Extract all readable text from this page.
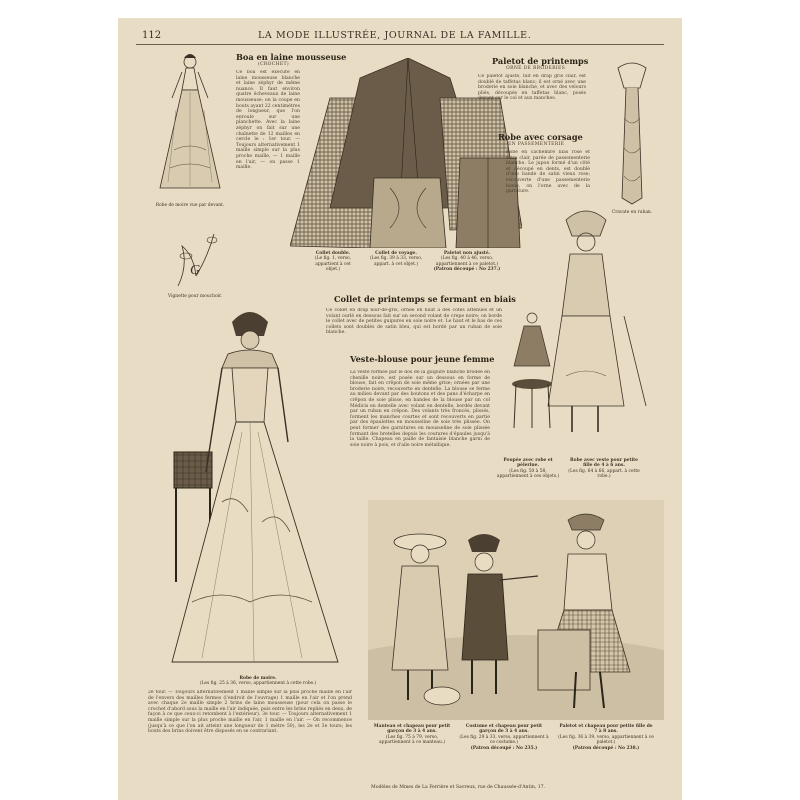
112	LA MODE ILLUSTRÉE, JOURNAL DE LA FAMILLE.
Robe de moire vue par devant.
G
Vignette pour mouchoir.
Boa en laine mousseuse
(CROCHET)
Ce boa est exécuté en laine mousseuse blanche et laine zéphyr de même nuance. Il faut environ quatre écheveaux de laine mousseuse; on la coupe en bouts ayant 22 centimètres de longueur, que l'on enroule sur une planchette. Avec la laine zéphyr on fait sur une chaînette de 12 mailles en cercle le : 1er tour. — Toujours alternativement 1 maille simple sur la plus proche maille, — 1 maille en l'air, — on passe 1 maille.
Collet double.
(Le fig. 1, verso, appartient à cet objet.)
Collet de voyage.
(Les fig. 39 à 33, verso, appart. à cet objet.)
Paletot non ajusté.
(Les fig. 40 à 46, verso, appartiennent à ce paletot.)
(Patron découpé : No 237.)
Paletot de printemps
ORNÉ DE BRODERIES
Ce paletot ajusté, fait en drap gris clair, est doublé de taffetas blanc; il est orné avec une broderie en soie blanche, et avec des velours pliés, découpés en taffetas blanc, posés devant sur le col et aux manches.
Robe avec corsage
EN PASSEMENTERIE
Robe en cachemire lilas rosé et satin clair, parée de passementerie blanche. Le jupon formé d'un côté et découpé en dents, est doublé d'une bande de satin vieux rose; recouverte d'une passementerie boule, on l'orne avec de la garniture.
Cravate en ruban.
Collet de printemps se fermant en biais
Ce collet en drap noir-de-gris, ornée en haut à des cotes attenues et un volant ourlé en dessous fait sur un second volant de crepe noire; on borde le collet avec de petites guipures en soie noire et. Le haut et le bas de ces collets sont doublés de satin bleu, qui est bordé par un ruban de soie blanche.
Veste-blouse pour jeune femme
La veste formée par le dos de la guipure blanche brodée en chenille noire, est posée sur un dessous en forme de blouse, fait en crêpon de soie même grise; ornées par une broderie noire, recouverte en dentelle. La blouse se ferme au milieu devant par des boutons et des pans d'écharpe en crêpon de soie plisse, en bandes de la blouse par un col Médicis en dentelle avec volant en dentelle, bordés devant par un ruban en crêpon. Des volants très froncés, plissés, forment les manches courtes et sont recouverts en partie par des épaulettes en mousseline de soie très plissée. On peut former des garnitures en mousseline de soie plissée formant des bretelles depuis les coutures d'épaules jusqu'à la taille. Chapeau en paille de fantaisie blanche garni de soie noire à pois, et d'aile noire métallique.
Poupée avec robe et pèlerine.
(Les fig. 50 à 58, appartiennent à ces objets.)
Robe avec veste pour petite fille de 4 à 6 ans.
(Les fig. 64 à 66, appart. à cette robe.)
Robe de moire.
(Les fig. 25 à 36, verso, appartiennent à cette robe.)
2e tour. — Toujours alternativement 1 maille simple sur la plus proche maille en l'air de l'envers des mailles fermes (l'endroit de l'ouvrage) 1 maille en l'air et l'on prend avec chaque 2e maille simple 2 brins de laine mousseuse (pour cela on passe le crochet d'abord sous la maille en l'air indiquée, puis entre les brins repliés en deux, de façon à ce que ceux-ci retombent à l'extérieur). 3e tour. — Toujours alternativement 1 maille simple sur la plus proche maille en l'air, 1 maille en l'air. — On recommence (jusqu'à ce que l'on ait atteint une longueur de 1 mètre 50), les 2e et 3e tours; les bouts des brins doivent être disposés en se contrariant.
Manteau et chapeau pour petit garçon de 3 à 4 ans.
(Les fig. 75 à 79, verso, appartiennent à ce manteau.)
Costume et chapeau pour petit garçon de 3 à 4 ans.
(Les fig. 29 à 33, verso, appartiennent à ce costume.)
(Patron découpé : No 235.)
Paletot et chapeau pour petite fille de 7 à 8 ans.
(Les fig. 36 à 39, verso, appartiennent à ce paletot.)
(Patron découpé : No 238.)
Modèles de Mmes de La Ferrière et Savreux, rue de Chaussée-d'Antin, 17.
